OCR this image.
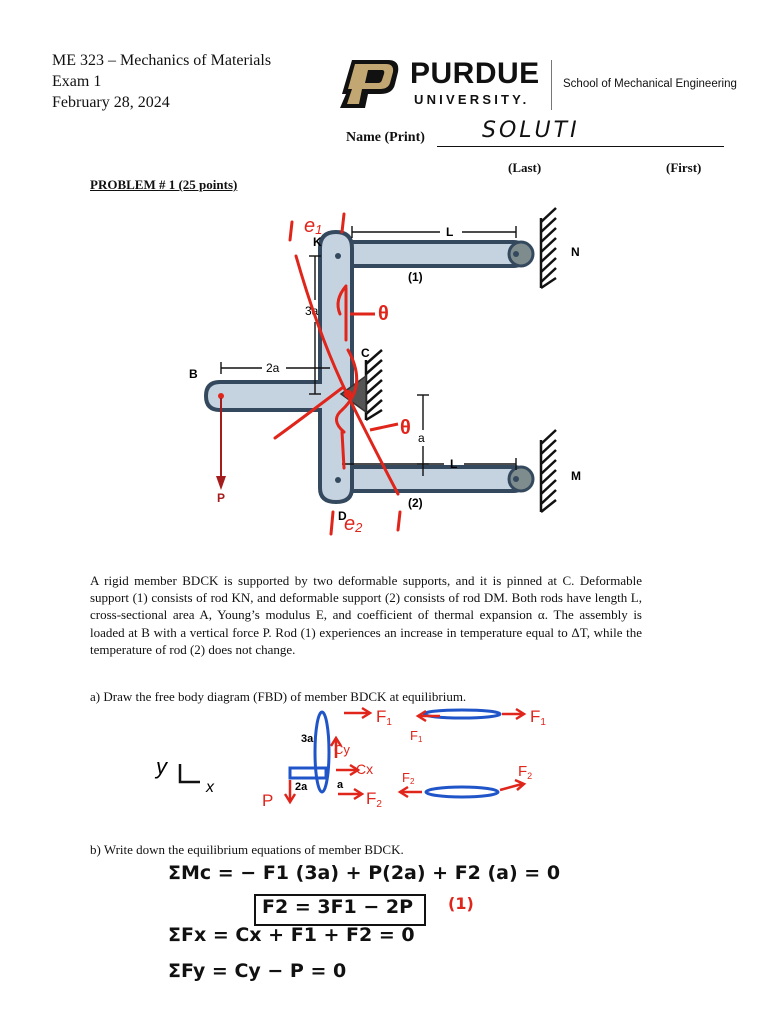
ME 323 – Mechanics of Materials
Exam 1
February 28, 2024
PURDUE
UNIVERSITY.
School of Mechanical Engineering
Name (Print)	SOLUTI
(Last)	(First)
PROBLEM # 1 (25 points)
K
N
C
B
M
D
P
L
L
3a
2a
a
(1)
(2)
e1
θ
θ
e2
A rigid member BDCK is supported by two deformable supports, and it is pinned at C. Deformable support (1) consists of rod KN, and deformable support (2) consists of rod DM. Both rods have length L, cross-sectional area A, Young’s modulus E, and coefficient of thermal expansion α. The assembly is loaded at B with a vertical force P. Rod (1) experiences an increase in temperature equal to ΔT, while the temperature of rod (2) does not change.
a) Draw the free body diagram (FBD) of member BDCK at equilibrium.
y
x
F1
F1
F1
Cy
Cx
P	F2
F2
$F_2$
3a
2a	a
b) Write down the equilibrium equations of member BDCK.
ΣMc = − F1 (3a) + P(2a) + F2 (a) = 0
F2 = 3F1 − 2P (1)
ΣFx = Cx + F1 + F2 = 0
ΣFy = Cy − P = 0
